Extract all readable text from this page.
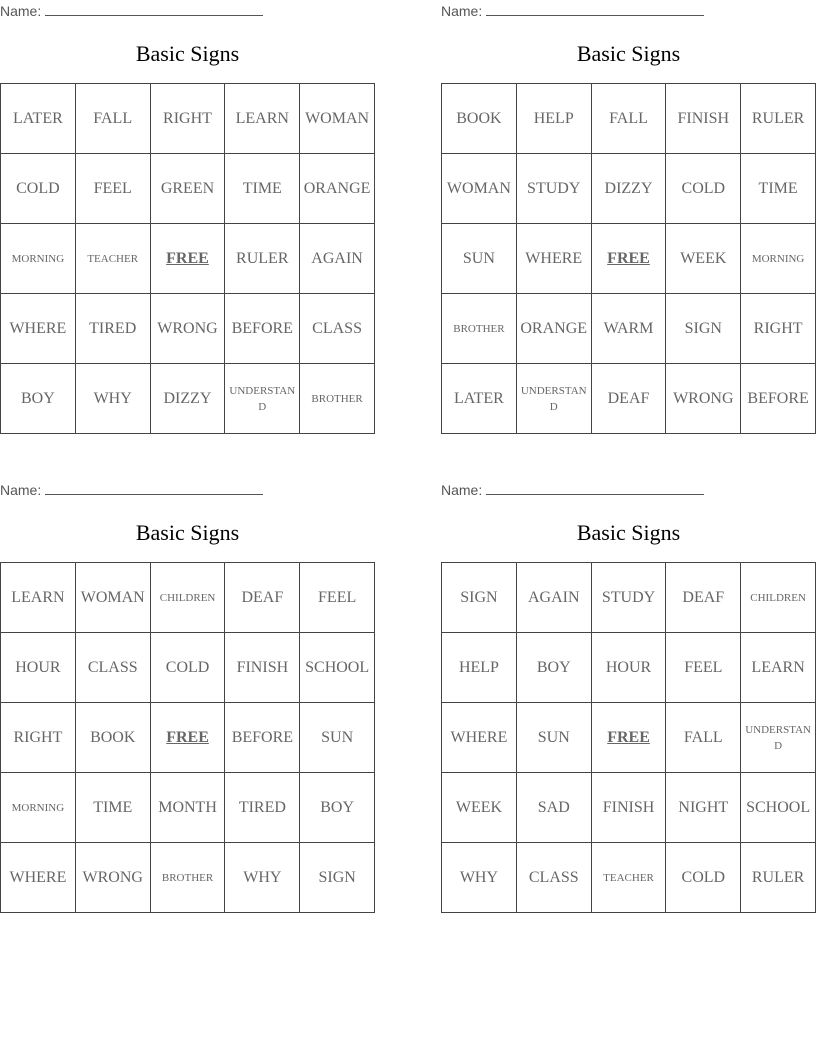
Name:
Basic Signs
LATER	FALL	RIGHT	LEARN	WOMAN
COLD	FEEL	GREEN	TIME	ORANGE
MORNING	TEACHER	FREE	RULER	AGAIN
WHERE	TIRED	WRONG	BEFORE	CLASS
BOY	WHY	DIZZY	UNDERSTAND	BROTHER
Name:
Basic Signs
BOOK	HELP	FALL	FINISH	RULER
WOMAN	STUDY	DIZZY	COLD	TIME
SUN	WHERE	FREE	WEEK	MORNING
BROTHER	ORANGE	WARM	SIGN	RIGHT
LATER	UNDERSTAND	DEAF	WRONG	BEFORE
Name:
Basic Signs
LEARN	WOMAN	CHILDREN	DEAF	FEEL
HOUR	CLASS	COLD	FINISH	SCHOOL
RIGHT	BOOK	FREE	BEFORE	SUN
MORNING	TIME	MONTH	TIRED	BOY
WHERE	WRONG	BROTHER	WHY	SIGN
Name:
Basic Signs
SIGN	AGAIN	STUDY	DEAF	CHILDREN
HELP	BOY	HOUR	FEEL	LEARN
WHERE	SUN	FREE	FALL	UNDERSTAND
WEEK	SAD	FINISH	NIGHT	SCHOOL
WHY	CLASS	TEACHER	COLD	RULER
